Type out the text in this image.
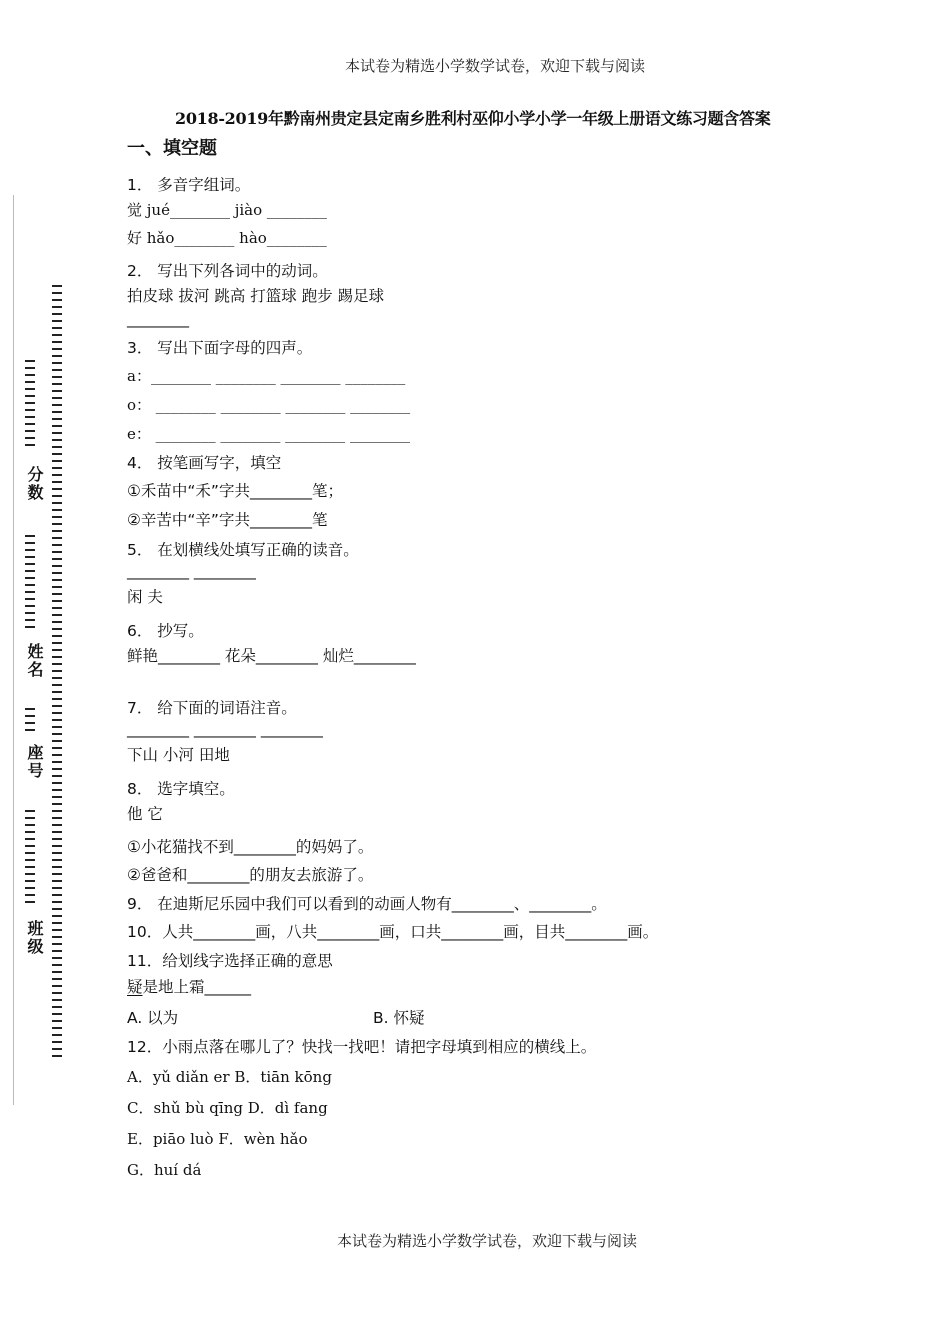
本试卷为精选小学数学试卷，欢迎下载与阅读
2018-2019年黔南州贵定县定南乡胜利村巫仰小学小学一年级上册语文练习题含答案
一、填空题
分数
姓名
座号
班级
1． 多音字组词。
觉 jué________ jiào ________
好 hǎo________ hào________
2． 写出下列各词中的动词。
拍皮球 拔河 跳高 打篮球 跑步 踢足球
________
3． 写出下面字母的四声。
a：________ ________ ________ ________
o： ________ ________ ________ ________
e： ________ ________ ________ ________
4． 按笔画写字，填空
①禾苗中“禾”字共________笔；
②辛苦中“辛”字共________笔
5． 在划横线处填写正确的读音。
________ ________
闲 夫
6． 抄写。
鲜艳________ 花朵________ 灿烂________
7． 给下面的词语注音。
________ ________ ________
下山 小河 田地
8． 选字填空。
他 它
①小花猫找不到________的妈妈了。
②爸爸和________的朋友去旅游了。
9． 在迪斯尼乐园中我们可以看到的动画人物有________、________。
10．人共________画，八共________画，口共________画，目共________画。
11．给划线字选择正确的意思
疑是地上霜______
A. 以为	B. 怀疑
12．小雨点落在哪儿了？快找一找吧！请把字母填到相应的横线上。
A．yǔ diǎn er B．tiān kōng
C．shǔ bù qīng D．dì fang
E．piāo luò F．wèn hǎo
G．huí dá
本试卷为精选小学数学试卷，欢迎下载与阅读
